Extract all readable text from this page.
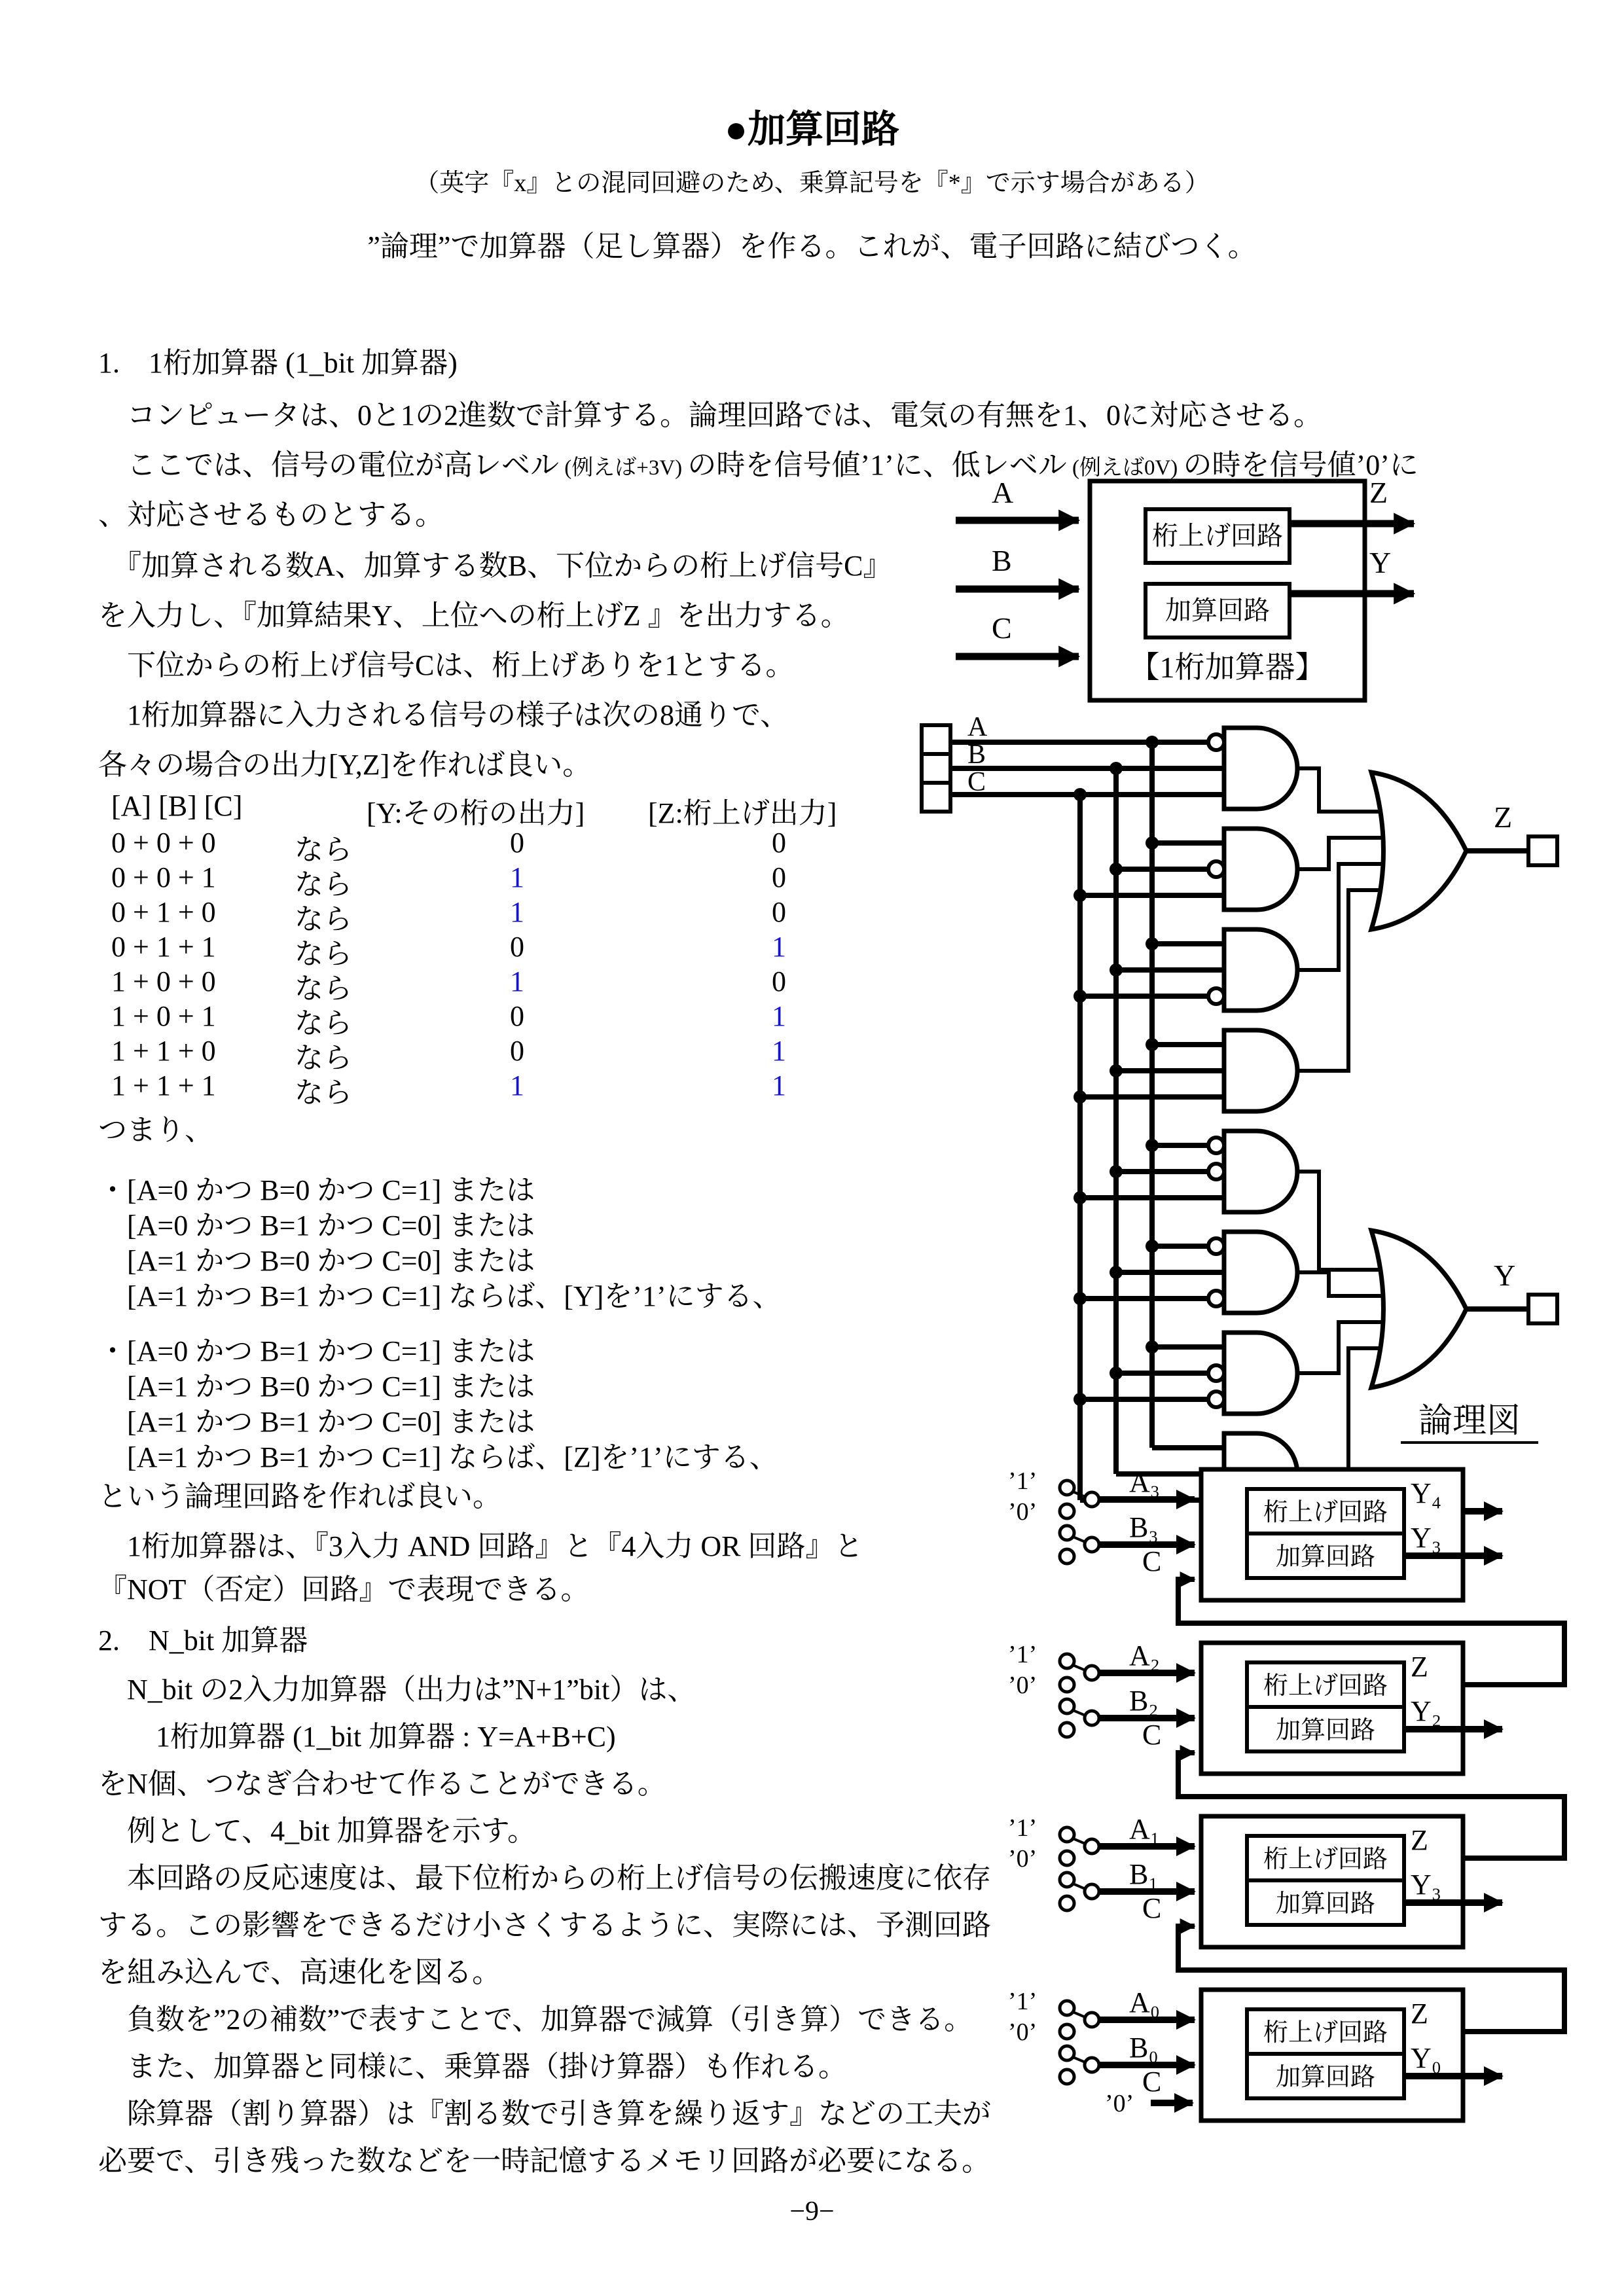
●加算回路
（英字『x』との混同回避のため、乗算記号を『*』で示す場合がある）
”論理”で加算器（足し算器）を作る。これが、電子回路に結びつく。
1.　1桁加算器 (1_bit 加算器)
　コンピュータは、0と1の2進数で計算する。論理回路では、電気の有無を1、0に対応させる。
　ここでは、信号の電位が高レベル (例えば+3V) の時を信号値’1’に、低レベル (例えば0V) の時を信号値’0’に
、対応させるものとする。
　『加算される数A、加算する数B、下位からの桁上げ信号C』
を入力し、『加算結果Y、上位への桁上げZ 』を出力する。
　下位からの桁上げ信号Cは、桁上げありを1とする。
　1桁加算器に入力される信号の様子は次の8通りで、
各々の場合の出力[Y,Z]を作れば良い。
[A] [B] [C]	[Y:その桁の出力] [Z:桁上げ出力]
0 + 0 + 0	なら	0	0
0 + 0 + 1	なら	1	0
0 + 1 + 0	なら	1	0
0 + 1 + 1	なら	0	1
1 + 0 + 0	なら	1	0
1 + 0 + 1	なら	0	1
1 + 1 + 0	なら	0	1
1 + 1 + 1	なら	1	1
つまり、
・[A=0 かつ B=0 かつ C=1] または
　[A=0 かつ B=1 かつ C=0] または
　[A=1 かつ B=0 かつ C=0] または
　[A=1 かつ B=1 かつ C=1] ならば、[Y]を’1’にする、
・[A=0 かつ B=1 かつ C=1] または
　[A=1 かつ B=0 かつ C=1] または
　[A=1 かつ B=1 かつ C=0] または
　[A=1 かつ B=1 かつ C=1] ならば、[Z]を’1’にする、
という論理回路を作れば良い。
　1桁加算器は、『3入力 AND 回路』と『4入力 OR 回路』と
『NOT（否定）回路』で表現できる。
2.　N_bit 加算器
　N_bit の2入力加算器（出力は”N+1”bit）は、
　　1桁加算器 (1_bit 加算器 : Y=A+B+C)
をN個、つなぎ合わせて作ることができる。
　例として、4_bit 加算器を示す。
　本回路の反応速度は、最下位桁からの桁上げ信号の伝搬速度に依存
する。この影響をできるだけ小さくするように、実際には、予測回路
を組み込んで、高速化を図る。
　負数を”2の補数”で表すことで、加算器で減算（引き算）できる。
　また、加算器と同様に、乗算器（掛け算器）も作れる。
　除算器（割り算器）は『割る数で引き算を繰り返す』などの工夫が
必要で、引き残った数などを一時記憶するメモリ回路が必要になる。
−9−
桁上げ回路
加算回路
A
B
C
Z
Y
【1桁加算器】
A
B
C
Z
Y
論理図
’0’
’1’
’0’	桁上げ回路
加算回路
A₃
B₃
C
Y₄
Y₃
’1’
’0’	桁上げ回路
加算回路
A₂
B₂
C
Z
Y₂
’1’
’0’	桁上げ回路
加算回路
A₁
B₁
C
Z
Y₃
’1’
’0’	桁上げ回路
加算回路
A₀
B₀
C
Z
Y₀
